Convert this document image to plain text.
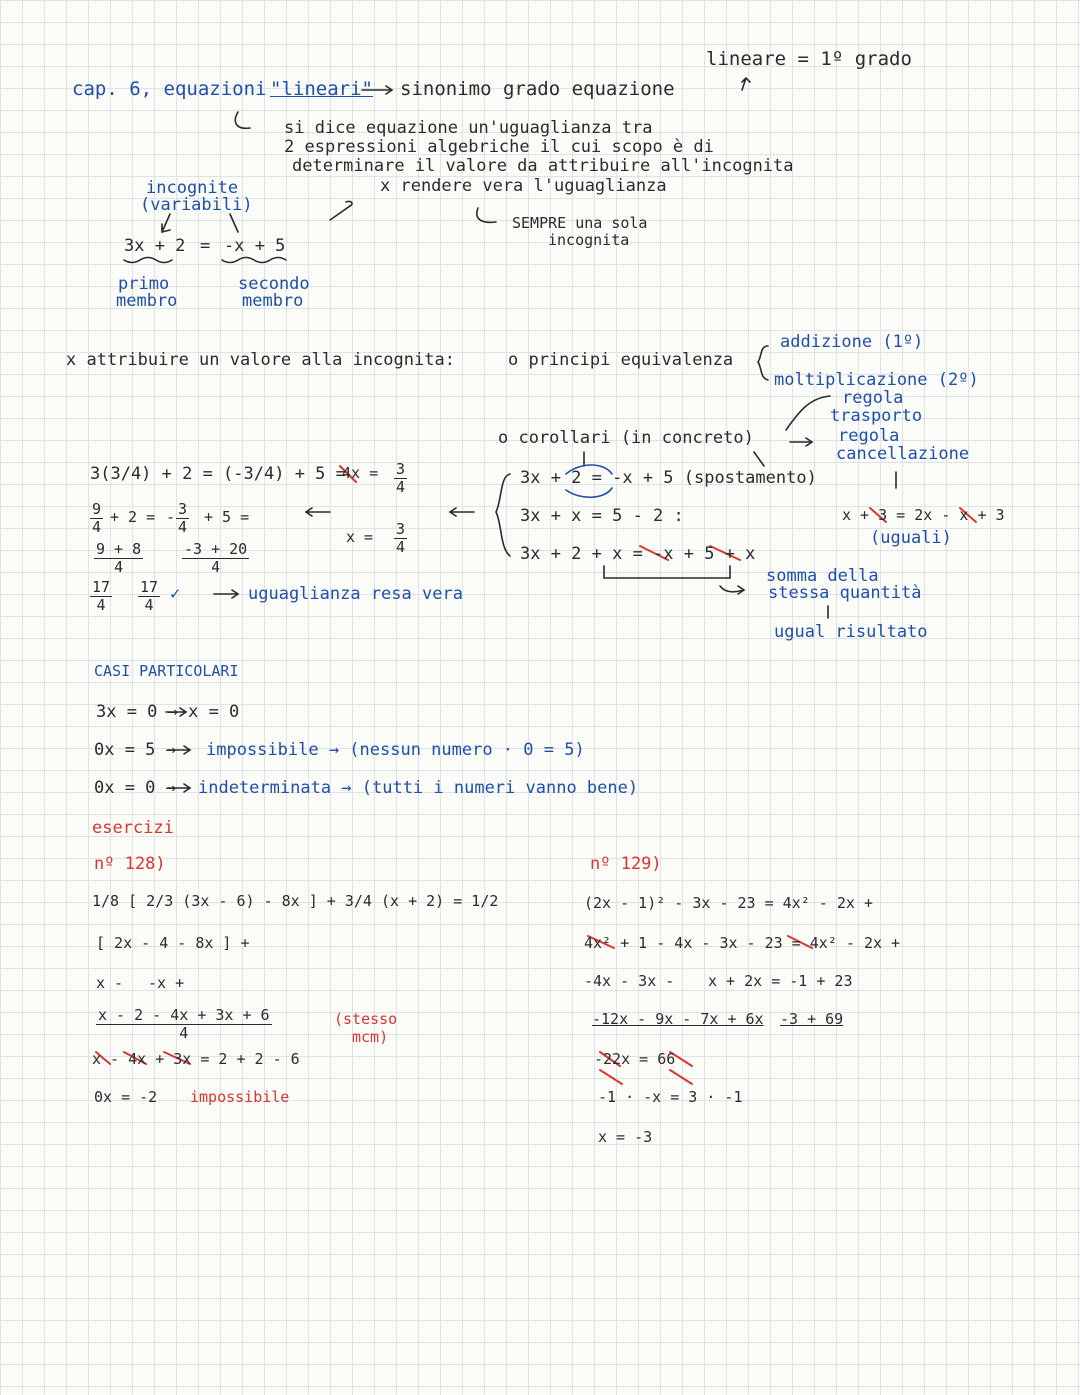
lineare = 1º grado
cap. 6, equazioni "lineari" sinonimo grado equazione
si dice equazione un'uguaglianza tra
2 espressioni algebriche il cui scopo è di
determinare il valore da attribuire all'incognita
x rendere vera l'uguaglianza
SEMPRE una sola
incognita
incognite
(variabili)
3x + 2 = -x + 5
primo
membro
secondo
membro
x attribuire un valore alla incognita:	o principi equivalenza
addizione (1º)
moltiplicazione (2º)
regola
trasporto
regola
cancellazione
o corollari (in concreto)
3x + 2 = -x + 5 (spostamento)
3x + x = 5 - 2 :
3x + 2 + x = -x + 5 + x
x + 3 = 2x - x + 3
(uguali)
somma della
stessa quantità
ugual risultato
$4x = \frac{3}{4}$
$x = \frac{3}{4}$
3(3/4) + 2 = (-3/4) + 5 =
$\frac{9}{4} + 2$ = - $\frac{3}{4} + 5$ =
$\frac{9 + 8}{4}$	$\frac{-3 + 20}{4}$
$\frac{17}{4} \frac{17}{4}$ ✓	uguaglianza resa vera
CASI PARTICOLARI
3x = 0 → x = 0
0x = 5 → impossibile → (nessun numero · 0 = 5)
0x = 0 → indeterminata → (tutti i numeri vanno bene)
esercizi
nº 128)	nº 129)
1/8 [ 2/3 (3x - 6) - 8x ] + 3/4 (x + 2) = 1/2
[ 2x - 4 - 8x ] +
x - -x +
$\frac{x - 2 - 4x + 3x + 6}{4}$	(stesso
mcm)
x - 4x + 3x = 2 + 2 - 6
0x = -2 impossibile
(2x - 1)² - 3x - 23 = 4x² - 2x +
4x² + 1 - 4x - 3x - 23 = 4x² - 2x +
-4x - 3x - x + 2x = -1 + 23
-12x - 9x - 7x + 6x -3 + 69
-22x = 66
-1 · -x = 3 · -1
x = -3
